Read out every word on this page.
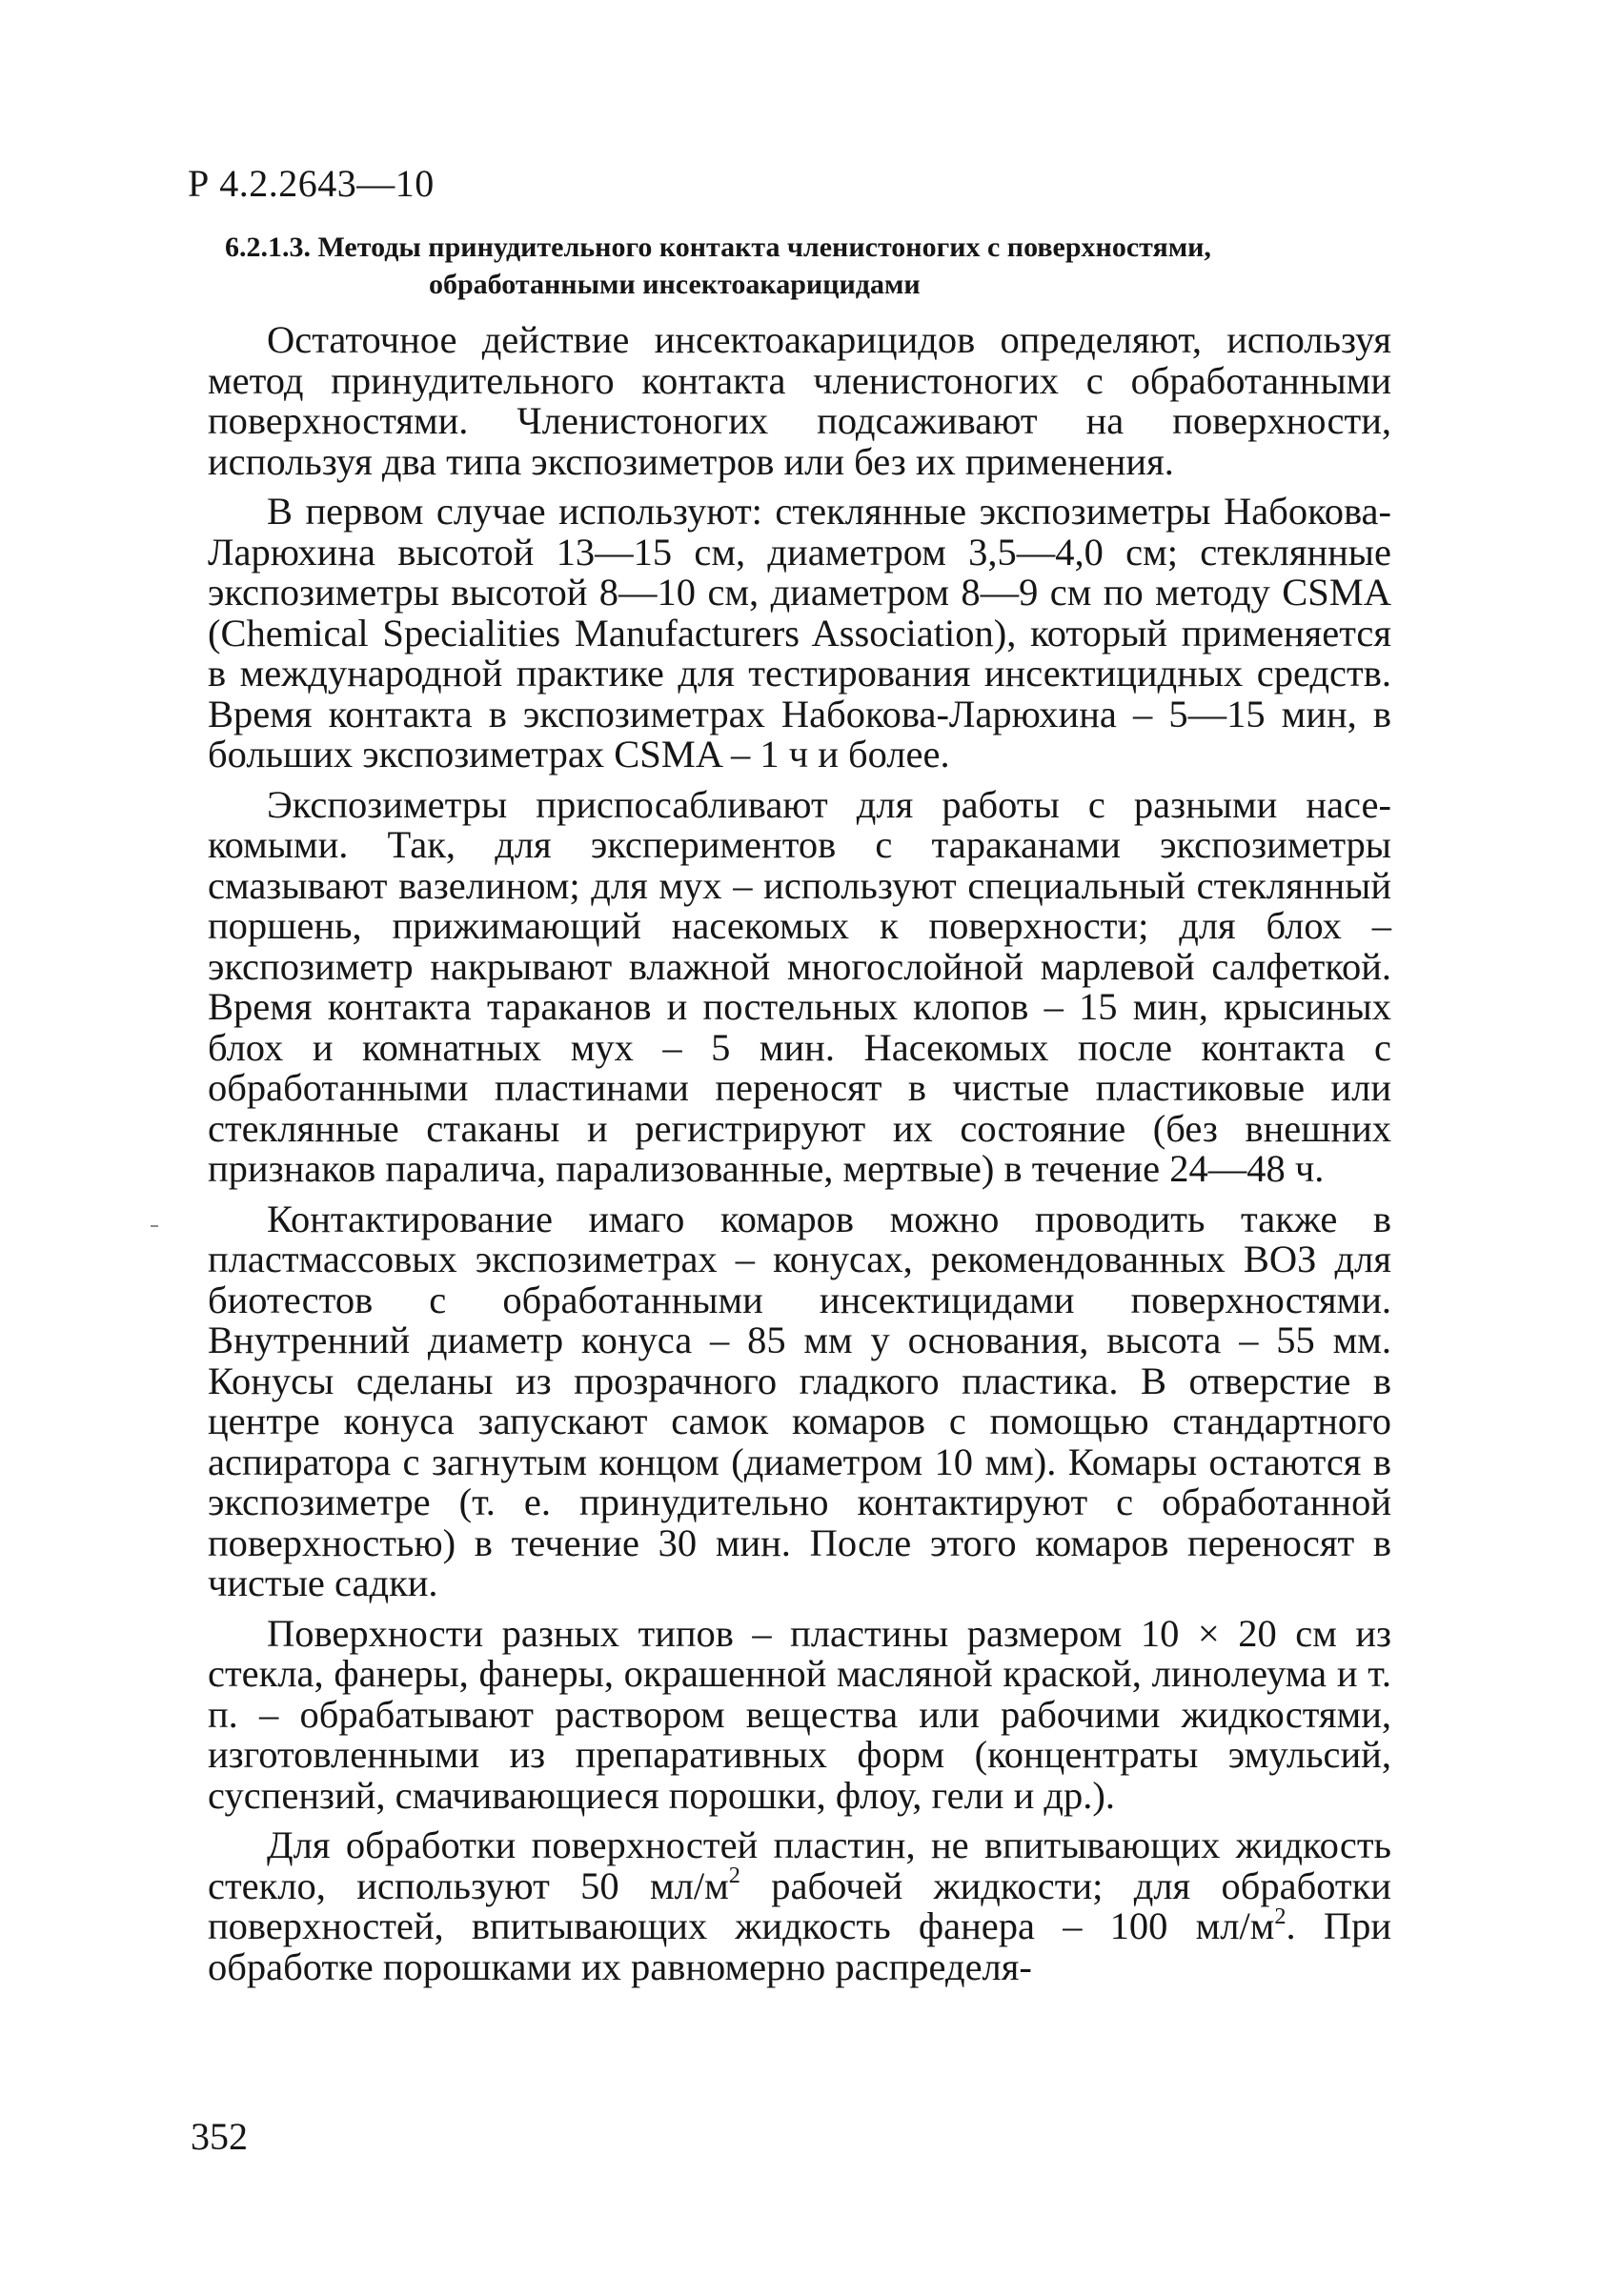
Р 4.2.2643—10
6.2.1.3. Методы принудительного контакта членистоногих с поверхностями,
обработанными инсектоакарицидами

Остаточное действие инсектоакарицидов определяют, используя метод принудительного контакта членистоногих с обработанными поверхностями. Членистоногих подсаживают на поверхности, используя два типа экспозиметров или без их применения.

В первом случае используют: стеклянные экспозиметры Набокова-Ларюхина высотой 13—15 см, диаметром 3,5—4,0 см; стеклянные экспозиметры высотой 8—10 см, диаметром 8—9 см по методу CSMA (Chemical Specialities Manufacturers Association), который применяется в международной практике для тестирования инсектицидных средств. Время контакта в экспозиметрах Набокова-Ларюхина – 5—15 мин, в больших экспозиметрах CSMA – 1 ч и более.

Экспозиметры приспосабливают для работы с разными насекомыми. Так, для экспериментов с тараканами экспозиметры смазывают вазелином; для мух – используют специальный стеклянный поршень, прижимающий насекомых к поверхности; для блох – экспозиметр накрывают влажной многослойной марлевой салфеткой. Время контакта тараканов и постельных клопов – 15 мин, крысиных блох и комнатных мух – 5 мин. Насекомых после контакта с обработанными пластинами переносят в чистые пластиковые или стеклянные стаканы и регистрируют их состояние (без внешних признаков паралича, парализованные, мертвые) в течение 24—48 ч.

Контактирование имаго комаров можно проводить также в пластмассовых экспозиметрах – конусах, рекомендованных ВОЗ для биотестов с обработанными инсектицидами поверхностями. Внутренний диаметр конуса – 85 мм у основания, высота – 55 мм. Конусы сделаны из прозрачного гладкого пластика. В отверстие в центре конуса запускают самок комаров с помощью стандартного аспиратора с загнутым концом (диаметром 10 мм). Комары остаются в экспозиметре (т. е. принудительно контактируют с обработанной поверхностью) в течение 30 мин. После этого комаров переносят в чистые садки.

Поверхности разных типов – пластины размером 10 × 20 см из стекла, фанеры, фанеры, окрашенной масляной краской, линолеума и т. п. – обрабатывают раствором вещества или рабочими жидкостями, изготовленными из препаративных форм (концентраты эмульсий, суспензий, смачивающиеся порошки, флоу, гели и др.).

Для обработки поверхностей пластин, не впитывающих жидкость стекло, используют 50 $мл/м^2$ рабочей жидкости; для обработки поверхностей, впитывающих жидкость фанера – 100 $мл/м^2$. При обработке порошками их равномерно распределя-

352
